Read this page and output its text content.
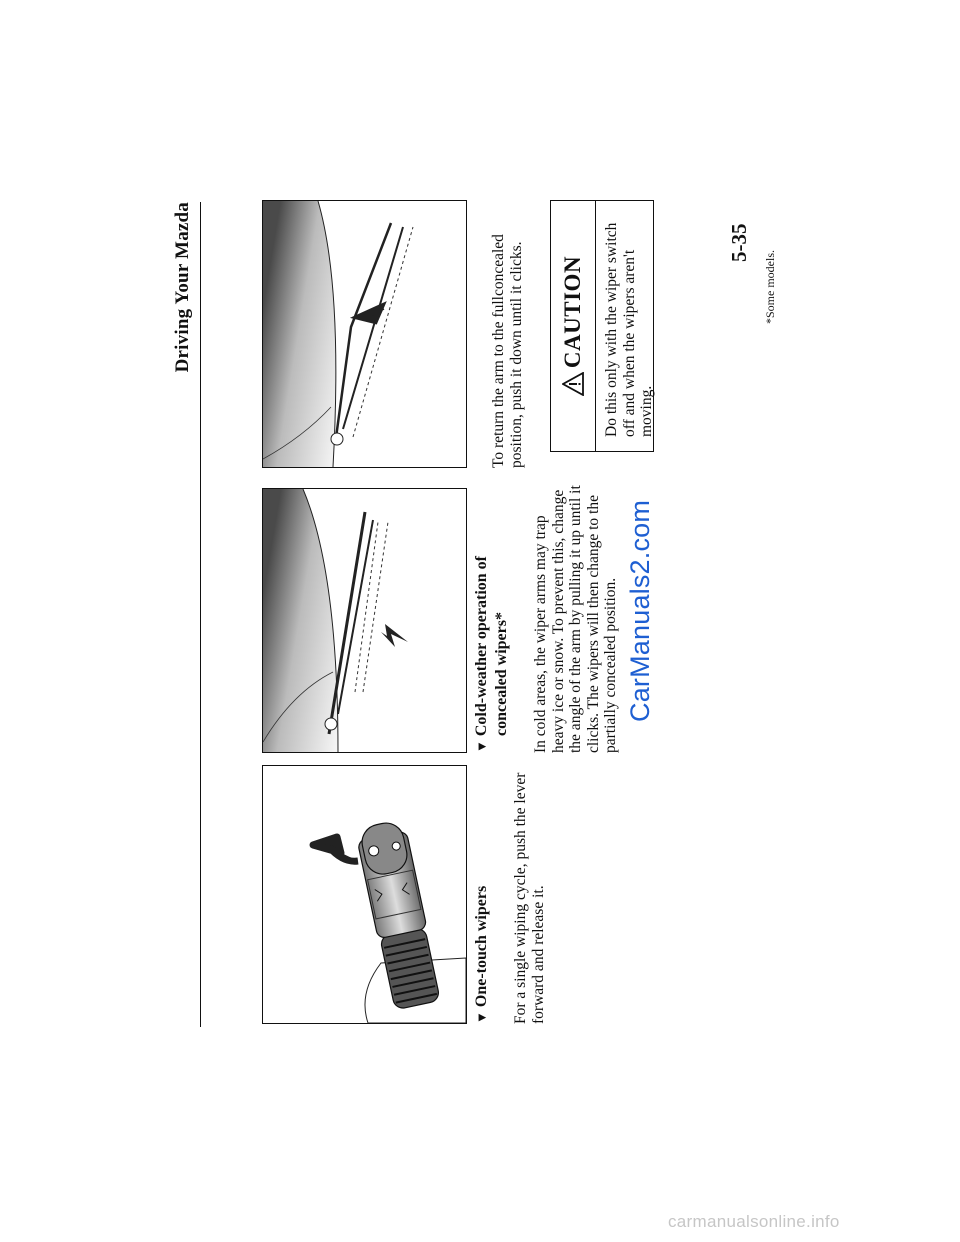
Driving Your Mazda
▼One-touch wipers For a single wiping cycle, push the lever forward and release it.
▼Cold-weather operation of concealed wipers* In cold areas, the wiper arms may trap heavy ice or snow. To prevent this, change the angle of the arm by pulling it up until it clicks. The wipers will then change to the partially concealed position.
To return the arm to the fullconcealed position, push it down until it clicks. CAUTION	Do this only with the wiper switch off and when the wipers aren't moving.
5-35
*Some models.
CarManuals2.com
carmanualsonline.info
